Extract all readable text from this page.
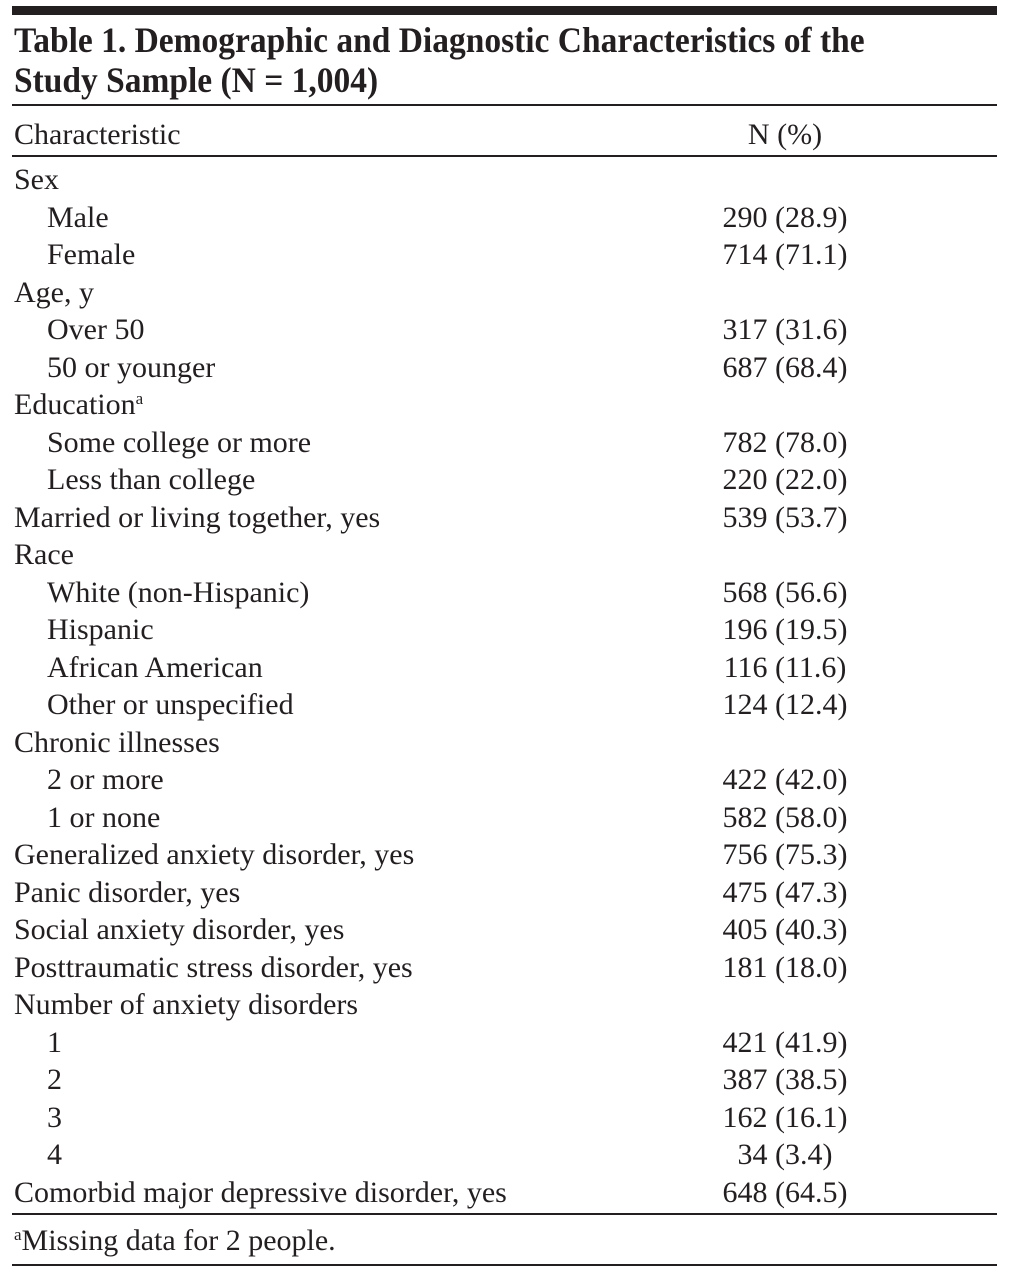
Table 1. Demographic and Diagnostic Characteristics of the
Study Sample (N = 1,004)
Characteristic	N (%)
Sex
Male	290 (28.9)
Female	714 (71.1)
Age, y
Over 50	317 (31.6)
50 or younger	687 (68.4)
Education$^a$
Some college or more	782 (78.0)
Less than college	220 (22.0)
Married or living together, yes	539 (53.7)
Race
White (non-Hispanic)	568 (56.6)
Hispanic	196 (19.5)
African American	116 (11.6)
Other or unspecified	124 (12.4)
Chronic illnesses
2 or more	422 (42.0)
1 or none	582 (58.0)
Generalized anxiety disorder, yes	756 (75.3)
Panic disorder, yes	475 (47.3)
Social anxiety disorder, yes	405 (40.3)
Posttraumatic stress disorder, yes	181 (18.0)
Number of anxiety disorders
1	421 (41.9)
2	387 (38.5)
3	162 (16.1)
4	34 (3.4)
Comorbid major depressive disorder, yes	648 (64.5)
$^a$Missing data for 2 people.
